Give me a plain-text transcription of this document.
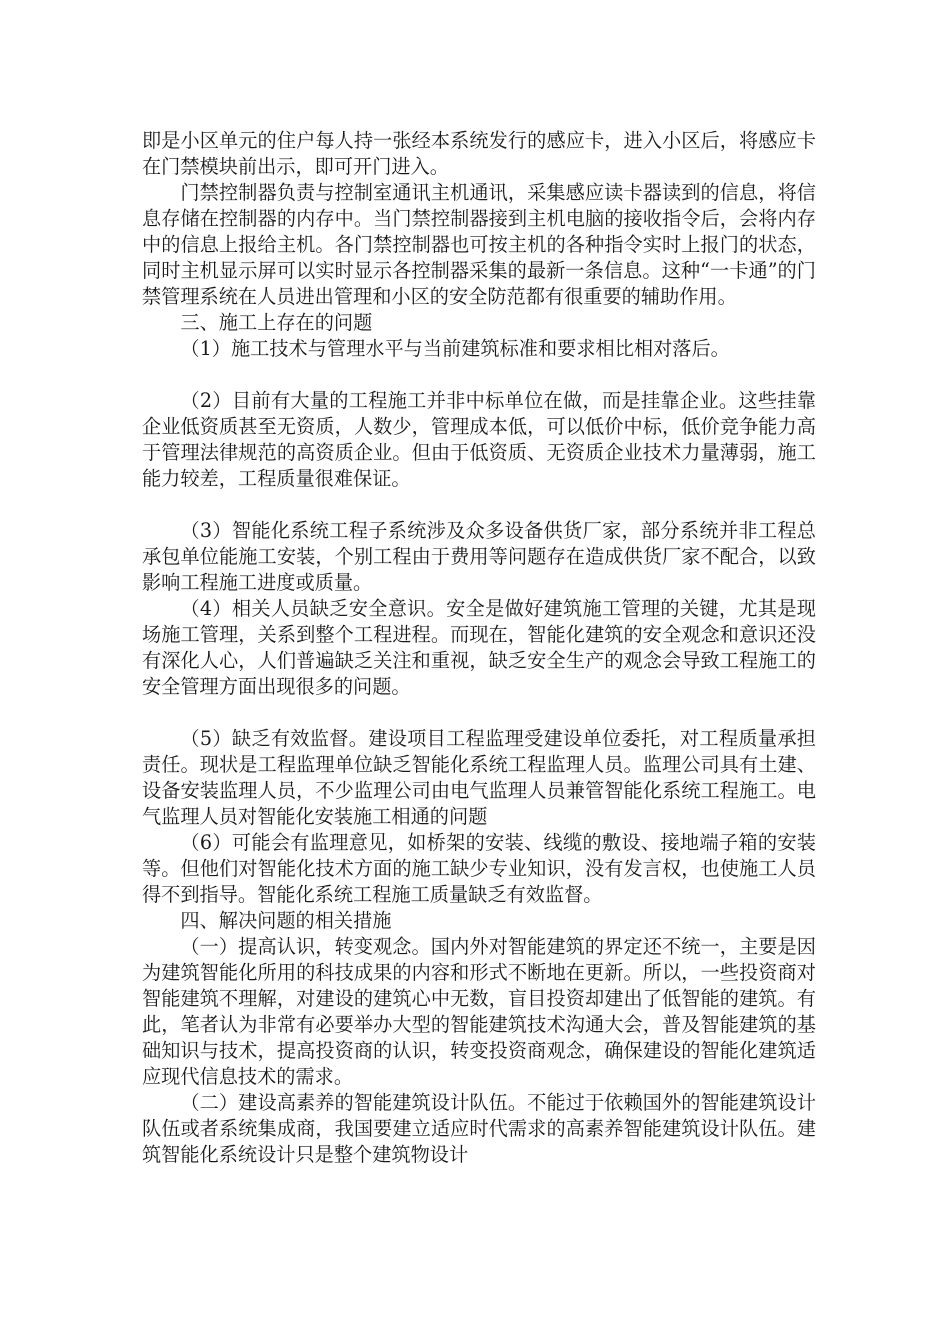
即是小区单元的住户每人持一张经本系统发行的感应卡，进入小区后，将感应卡在门禁模块前出示，即可开门进入。

门禁控制器负责与控制室通讯主机通讯，采集感应读卡器读到的信息，将信息存储在控制器的内存中。当门禁控制器接到主机电脑的接收指令后，会将内存中的信息上报给主机。各门禁控制器也可按主机的各种指令实时上报门的状态，同时主机显示屏可以实时显示各控制器采集的最新一条信息。这种“一卡通”的门禁管理系统在人员进出管理和小区的安全防范都有很重要的辅助作用。

三、施工上存在的问题

（1）施工技术与管理水平与当前建筑标准和要求相比相对落后。

（2）目前有大量的工程施工并非中标单位在做，而是挂靠企业。这些挂靠企业低资质甚至无资质，人数少，管理成本低，可以低价中标，低价竞争能力高于管理法律规范的高资质企业。但由于低资质、无资质企业技术力量薄弱，施工能力较差，工程质量很难保证。

（3）智能化系统工程子系统涉及众多设备供货厂家，部分系统并非工程总承包单位能施工安装，个别工程由于费用等问题存在造成供货厂家不配合，以致影响工程施工进度或质量。

（4）相关人员缺乏安全意识。安全是做好建筑施工管理的关键，尤其是现场施工管理，关系到整个工程进程。而现在，智能化建筑的安全观念和意识还没有深化人心，人们普遍缺乏关注和重视，缺乏安全生产的观念会导致工程施工的安全管理方面出现很多的问题。

（5）缺乏有效监督。建设项目工程监理受建设单位委托，对工程质量承担责任。现状是工程监理单位缺乏智能化系统工程监理人员。监理公司具有土建、设备安装监理人员，不少监理公司由电气监理人员兼管智能化系统工程施工。电气监理人员对智能化安装施工相通的问题

（6）可能会有监理意见，如桥架的安装、线缆的敷设、接地端子箱的安装等。但他们对智能化技术方面的施工缺少专业知识，没有发言权，也使施工人员得不到指导。智能化系统工程施工质量缺乏有效监督。

四、解决问题的相关措施

（一）提高认识，转变观念。国内外对智能建筑的界定还不统一，主要是因为建筑智能化所用的科技成果的内容和形式不断地在更新。所以，一些投资商对智能建筑不理解，对建设的建筑心中无数，盲目投资却建出了低智能的建筑。有此，笔者认为非常有必要举办大型的智能建筑技术沟通大会，普及智能建筑的基础知识与技术，提高投资商的认识，转变投资商观念，确保建设的智能化建筑适应现代信息技术的需求。

（二）建设高素养的智能建筑设计队伍。不能过于依赖国外的智能建筑设计队伍或者系统集成商，我国要建立适应时代需求的高素养智能建筑设计队伍。建筑智能化系统设计只是整个建筑物设计
